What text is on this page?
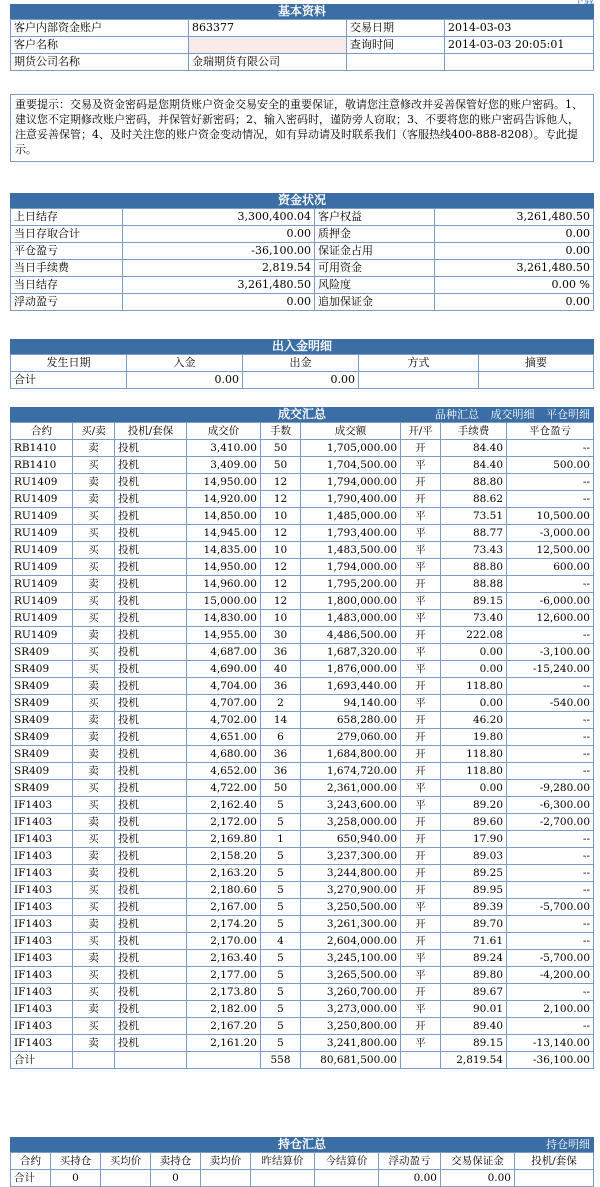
基本资料
客户内部资金账户	863377	交易日期	2014-03-03
客户名称		查询时间	2014-03-03 20:05:01
期货公司名称	金瑞期货有限公司		
重要提示：交易及资金密码是您期货账户资金交易安全的重要保证，敬请您注意修改并妥善保管好您的账户密码。1、建议您不定期修改账户密码，并保管好新密码；2、输入密码时，谨防旁人窃取；3、不要将您的账户密码告诉他人，注意妥善保管；4、及时关注您的账户资金变动情况，如有异动请及时联系我们（客服热线400-888-8208）。专此提示。
资金状况
上日结存	3,300,400.04	客户权益	3,261,480.50
当日存取合计	0.00	质押金	0.00
平仓盈亏	-36,100.00	保证金占用	0.00
当日手续费	2,819.54	可用资金	3,261,480.50
当日结存	3,261,480.50	风险度	0.00 %
浮动盈亏	0.00	追加保证金	0.00
出入金明细
发生日期	入金	出金	方式	摘要
合计	0.00	0.00		
成交汇总	品种汇总 成交明细 平仓明细
合约	买/卖	投机/套保	成交价	手数	成交额	开/平	手续费	平仓盈亏
RB1410	卖	投机	3,410.00	50	1,705,000.00	开	84.40	--
RB1410	买	投机	3,409.00	50	1,704,500.00	平	84.40	500.00
RU1409	卖	投机	14,950.00	12	1,794,000.00	开	88.80	--
RU1409	卖	投机	14,920.00	12	1,790,400.00	开	88.62	--
RU1409	买	投机	14,850.00	10	1,485,000.00	平	73.51	10,500.00
RU1409	买	投机	14,945.00	12	1,793,400.00	平	88.77	-3,000.00
RU1409	买	投机	14,835.00	10	1,483,500.00	平	73.43	12,500.00
RU1409	买	投机	14,950.00	12	1,794,000.00	平	88.80	600.00
RU1409	卖	投机	14,960.00	12	1,795,200.00	开	88.88	--
RU1409	买	投机	15,000.00	12	1,800,000.00	平	89.15	-6,000.00
RU1409	买	投机	14,830.00	10	1,483,000.00	平	73.40	12,600.00
RU1409	卖	投机	14,955.00	30	4,486,500.00	开	222.08	--
SR409	买	投机	4,687.00	36	1,687,320.00	平	0.00	-3,100.00
SR409	买	投机	4,690.00	40	1,876,000.00	平	0.00	-15,240.00
SR409	卖	投机	4,704.00	36	1,693,440.00	开	118.80	--
SR409	买	投机	4,707.00	2	94,140.00	平	0.00	-540.00
SR409	卖	投机	4,702.00	14	658,280.00	开	46.20	--
SR409	卖	投机	4,651.00	6	279,060.00	开	19.80	--
SR409	卖	投机	4,680.00	36	1,684,800.00	开	118.80	--
SR409	卖	投机	4,652.00	36	1,674,720.00	开	118.80	--
SR409	买	投机	4,722.00	50	2,361,000.00	平	0.00	-9,280.00
IF1403	买	投机	2,162.40	5	3,243,600.00	平	89.20	-6,300.00
IF1403	卖	投机	2,172.00	5	3,258,000.00	开	89.60	-2,700.00
IF1403	买	投机	2,169.80	1	650,940.00	开	17.90	--
IF1403	卖	投机	2,158.20	5	3,237,300.00	开	89.03	--
IF1403	卖	投机	2,163.20	5	3,244,800.00	开	89.25	--
IF1403	买	投机	2,180.60	5	3,270,900.00	开	89.95	--
IF1403	买	投机	2,167.00	5	3,250,500.00	平	89.39	-5,700.00
IF1403	卖	投机	2,174.20	5	3,261,300.00	开	89.70	--
IF1403	买	投机	2,170.00	4	2,604,000.00	开	71.61	--
IF1403	卖	投机	2,163.40	5	3,245,100.00	平	89.24	-5,700.00
IF1403	买	投机	2,177.00	5	3,265,500.00	平	89.80	-4,200.00
IF1403	买	投机	2,173.80	5	3,260,700.00	开	89.67	--
IF1403	卖	投机	2,182.00	5	3,273,000.00	平	90.01	2,100.00
IF1403	买	投机	2,167.20	5	3,250,800.00	开	89.40	--
IF1403	卖	投机	2,161.20	5	3,241,800.00	平	89.15	-13,140.00
合计				558	80,681,500.00		2,819.54	-36,100.00
持仓汇总	持仓明细
合约	买持仓	买均价	卖持仓	卖均价	昨结算价	今结算价	浮动盈亏	交易保证金	投机/套保
合计	0		0				0.00	0.00	
